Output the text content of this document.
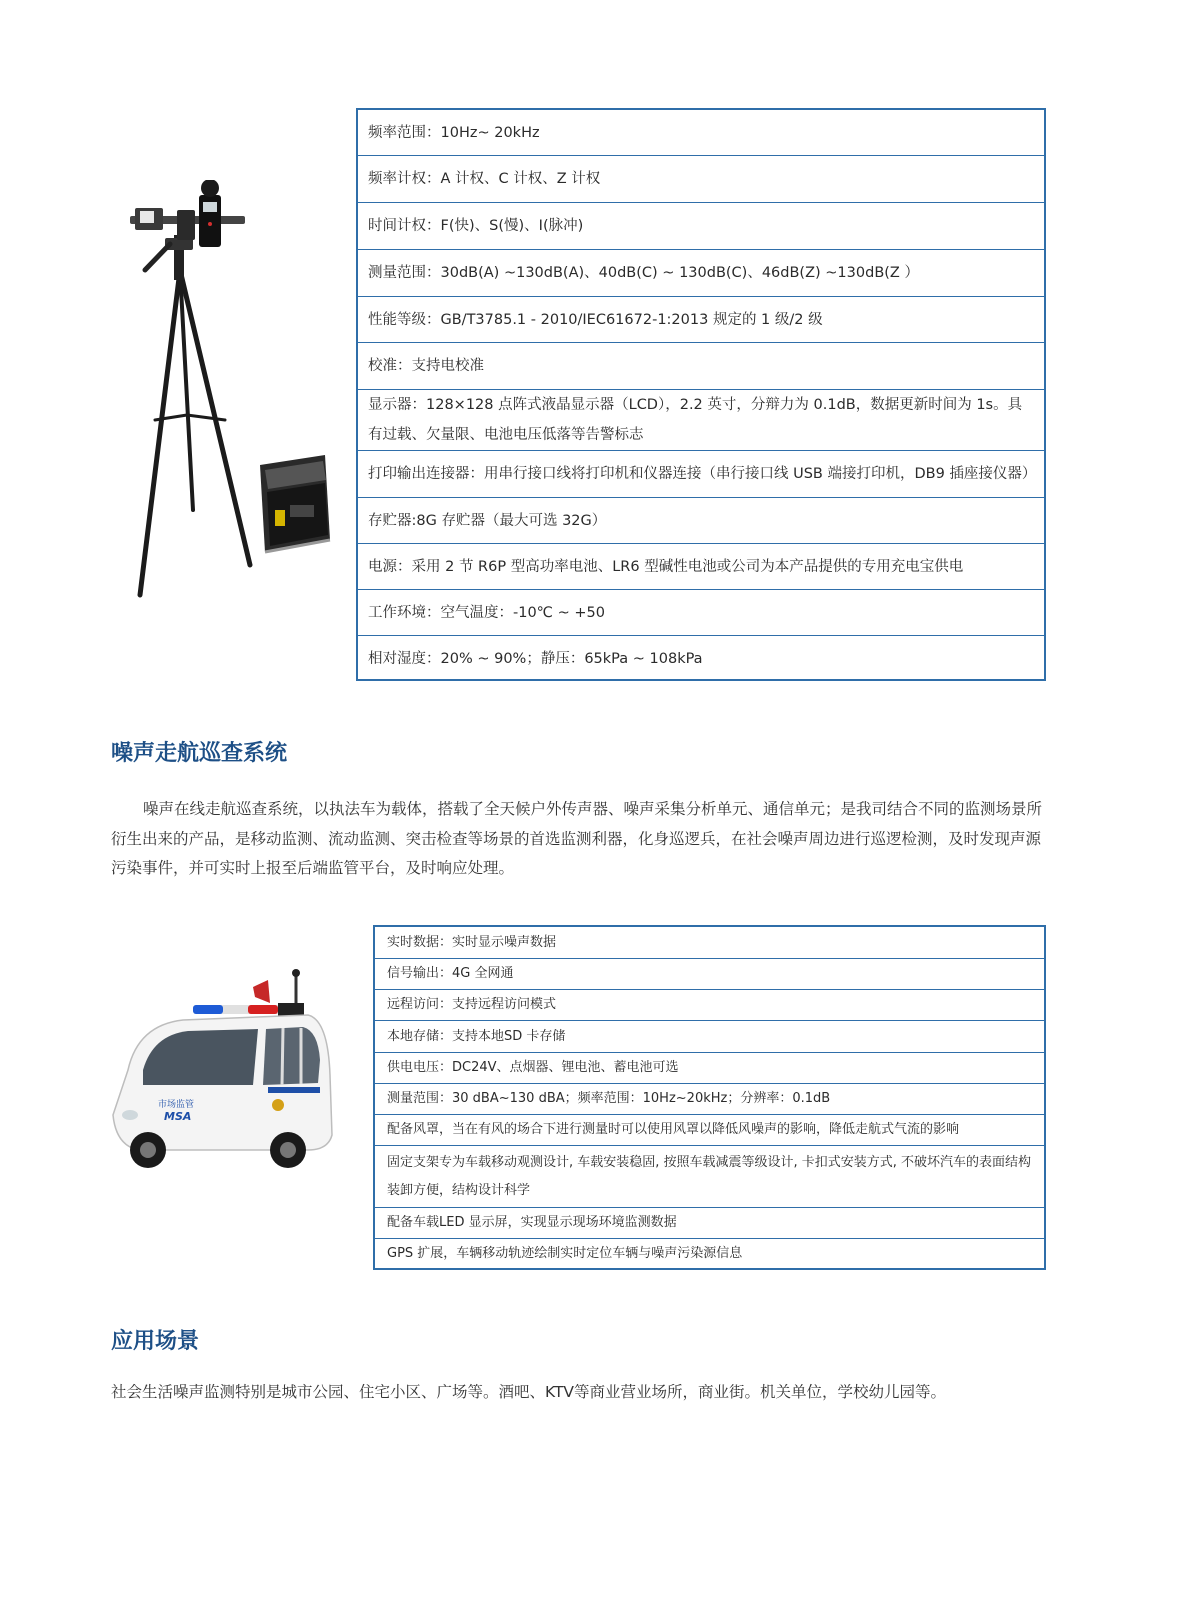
频率范围：10Hz~ 20kHz
频率计权：A 计权、C 计权、Z 计权
时间计权：F(快)、S(慢)、I(脉冲)
测量范围：30dB(A) ~130dB(A)、40dB(C) ~ 130dB(C)、46dB(Z) ~130dB(Z ）
性能等级：GB/T3785.1 - 2010/IEC61672-1:2013 规定的 1 级/2 级
校准：支持电校准
显示器：128×128 点阵式液晶显示器（LCD），2.2 英寸，分辩力为 0.1dB，数据更新时间为 1s。具有过载、欠量限、电池电压低落等告警标志
打印输出连接器：用串行接口线将打印机和仪器连接（串行接口线 USB 端接打印机，DB9 插座接仪器）
存贮器:8G 存贮器（最大可选 32G）
电源：采用 2 节 R6P 型高功率电池、LR6 型碱性电池或公司为本产品提供的专用充电宝供电
工作环境：空气温度：-10℃ ~ +50
相对湿度：20% ~ 90%；静压：65kPa ~ 108kPa
噪声走航巡查系统

噪声在线走航巡查系统，以执法车为载体，搭载了全天候户外传声器、噪声采集分析单元、通信单元；是我司结合不同的监测场景所衍生出来的产品，是移动监测、流动监测、突击检查等场景的首选监测利器，化身巡逻兵，在社会噪声周边进行巡逻检测，及时发现声源污染事件，并可实时上报至后端监管平台，及时响应处理。

市场监管
MSA
实时数据：实时显示噪声数据
信号输出：4G 全网通
远程访问：支持远程访问模式
本地存储：支持本地SD 卡存储
供电电压：DC24V、点烟器、锂电池、蓄电池可选
测量范围：30 dBA~130 dBA；频率范围：10Hz~20kHz；分辨率：0.1dB
配备风罩，当在有风的场合下进行测量时可以使用风罩以降低风噪声的影响，降低走航式气流的影响
固定支架专为车载移动观测设计, 车载安装稳固, 按照车载减震等级设计, 卡扣式安装方式, 不破坏汽车的表面结构装卸方便，结构设计科学
配备车载LED 显示屏，实现显示现场环境监测数据
GPS 扩展，车辆移动轨迹绘制实时定位车辆与噪声污染源信息
应用场景

社会生活噪声监测特别是城市公园、住宅小区、广场等。酒吧、KTV等商业营业场所，商业街。机关单位，学校幼儿园等。
